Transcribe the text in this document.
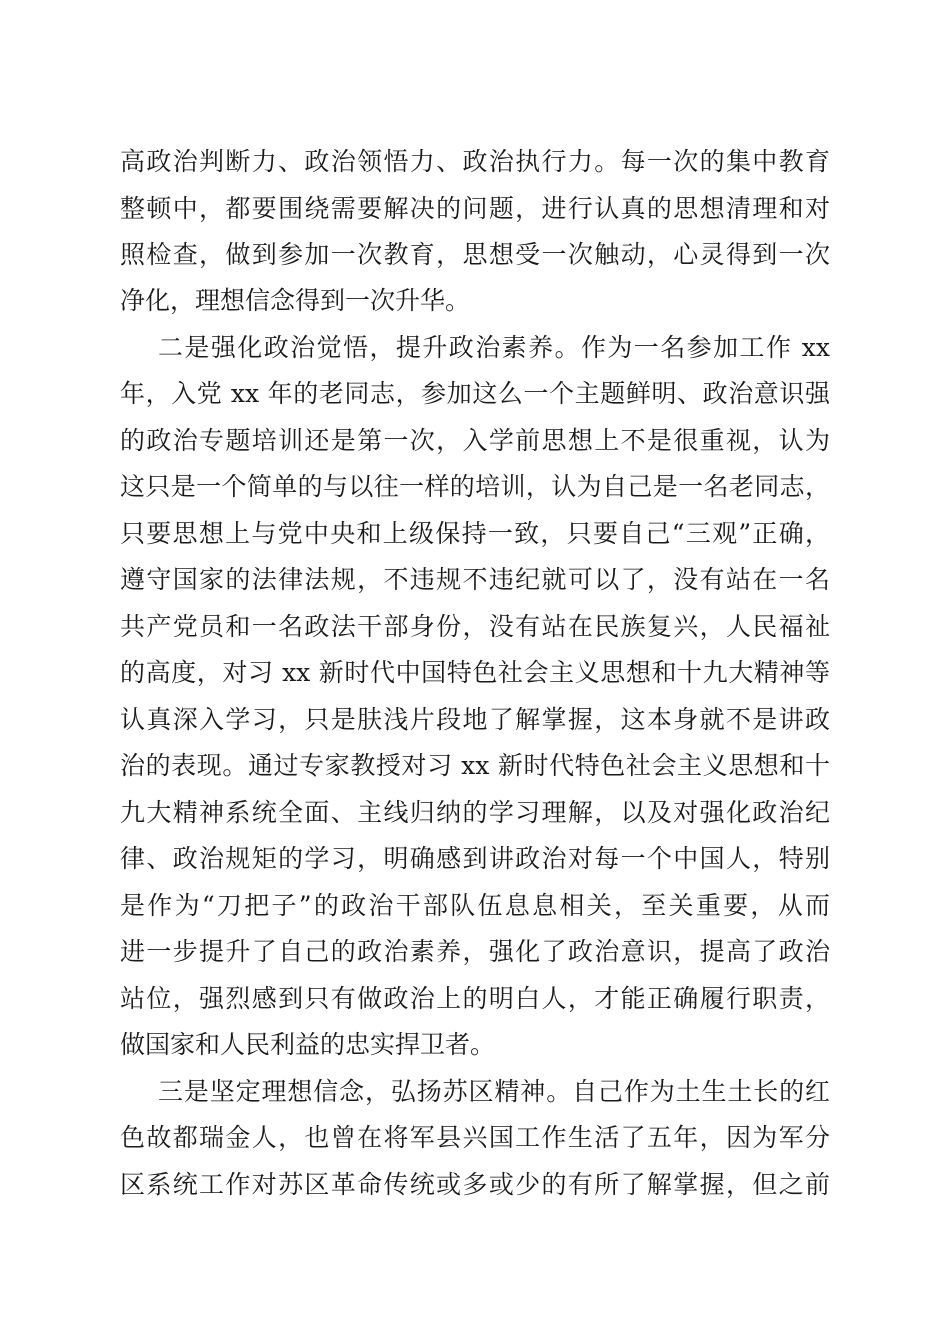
高政治判断力、政治领悟力、政治执行力。每一次的集中教育
整顿中，都要围绕需要解决的问题，进行认真的思想清理和对
照检查，做到参加一次教育，思想受一次触动，心灵得到一次
净化，理想信念得到一次升华。
二是强化政治觉悟，提升政治素养。作为一名参加工作 xx
年，入党 xx 年的老同志，参加这么一个主题鲜明、政治意识强
的政治专题培训还是第一次，入学前思想上不是很重视，认为
这只是一个简单的与以往一样的培训，认为自己是一名老同志，
只要思想上与党中央和上级保持一致，只要自己“三观”正确，
遵守国家的法律法规，不违规不违纪就可以了，没有站在一名
共产党员和一名政法干部身份，没有站在民族复兴，人民福祉
的高度，对习 xx 新时代中国特色社会主义思想和十九大精神等
认真深入学习，只是肤浅片段地了解掌握，这本身就不是讲政
治的表现。通过专家教授对习 xx 新时代特色社会主义思想和十
九大精神系统全面、主线归纳的学习理解，以及对强化政治纪
律、政治规矩的学习，明确感到讲政治对每一个中国人，特别
是作为“刀把子”的政治干部队伍息息相关，至关重要，从而
进一步提升了自己的政治素养，强化了政治意识，提高了政治
站位，强烈感到只有做政治上的明白人，才能正确履行职责，
做国家和人民利益的忠实捍卫者。
三是坚定理想信念，弘扬苏区精神。自己作为土生土长的红
色故都瑞金人，也曾在将军县兴国工作生活了五年，因为军分
区系统工作对苏区革命传统或多或少的有所了解掌握，但之前
